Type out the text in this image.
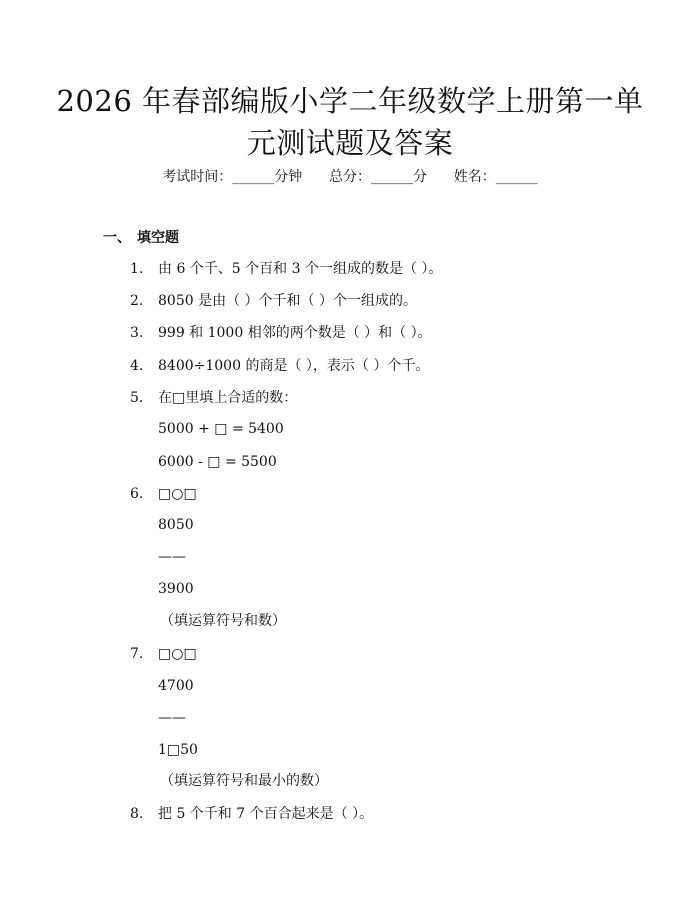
2026 年春部编版小学二年级数学上册第一单
元测试题及答案
考试时间：______分钟      总分：______分      姓名：______
一、 填空题
1. 由 6 个千、5 个百和 3 个一组成的数是（ ）。
2. 8050 是由（ ）个千和（ ）个一组成的。
3. 999 和 1000 相邻的两个数是（ ）和（ ）。
4. 8400÷1000 的商是（ ），表示（ ）个千。
5. 在□里填上合适的数：
5000 + □ = 5400
6000 - □ = 5500
6. □○□
8050
——
3900
（填运算符号和数）
7. □○□
4700
——
1□50
（填运算符号和最小的数）
8. 把 5 个千和 7 个百合起来是（ ）。
